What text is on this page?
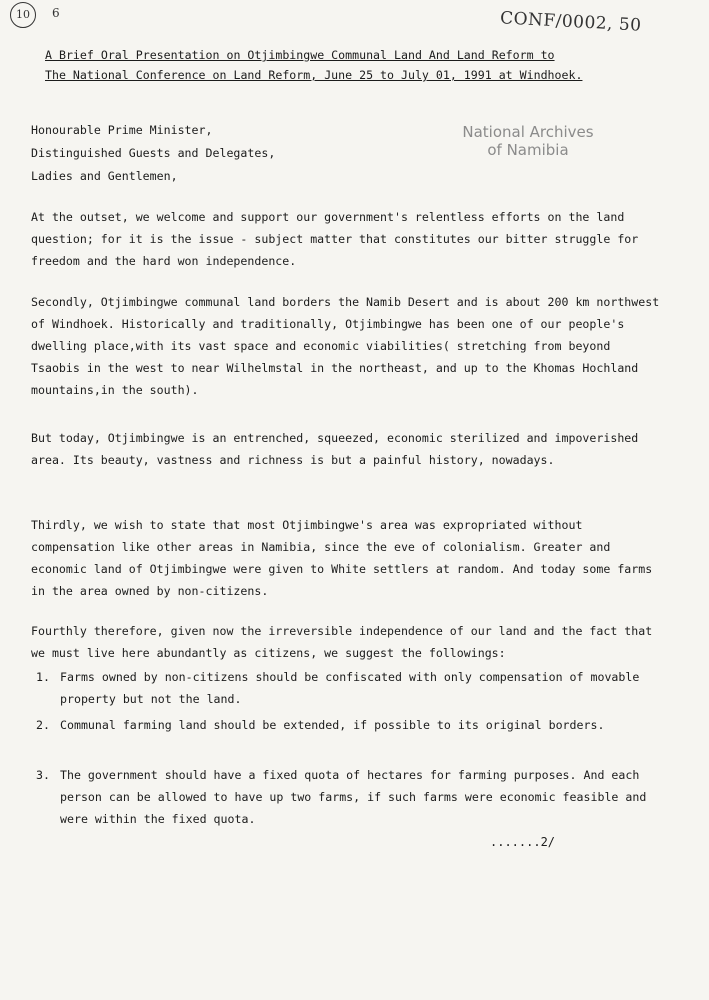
10	6	CONF/0002, 50
A Brief Oral Presentation on Otjimbingwe Communal Land And Land Reform to
The National Conference on Land Reform, June 25 to July 01, 1991 at Windhoek.
National Archives
of Namibia

Honourable Prime Minister,
Distinguished Guests and Delegates,
Ladies and Gentlemen,

At the outset, we welcome and support our government's relentless efforts on the land question; for it is the issue - subject matter that constitutes our bitter struggle for freedom and the hard won independence.

Secondly, Otjimbingwe communal land borders the Namib Desert and is about 200 km northwest of Windhoek. Historically and traditionally, Otjimbingwe has been one of our people's dwelling place,with its vast space and economic viabilities( stretching from beyond Tsaobis in the west to near Wilhelmstal in the northeast, and up to the Khomas Hochland mountains,in the south).

But today, Otjimbingwe is an entrenched, squeezed, economic sterilized and impoverished area. Its beauty, vastness and richness is but a painful history, nowadays.

Thirdly, we wish to state that most Otjimbingwe's area was expropriated without compensation like other areas in Namibia, since the eve of colonialism. Greater and economic land of Otjimbingwe were given to White settlers at random. And today some farms in the area owned by non-citizens.

Fourthly therefore, given now the irreversible independence of our land and the fact that we must live here abundantly as citizens, we suggest the followings:

1. Farms owned by non-citizens should be confiscated with only compensation of movable property but not the land.
2. Communal farming land should be extended, if possible to its original borders.
3. The government should have a fixed quota of hectares for farming purposes. And each person can be allowed to have up two farms, if such farms were economic feasible and were within the fixed quota.
.......2/
